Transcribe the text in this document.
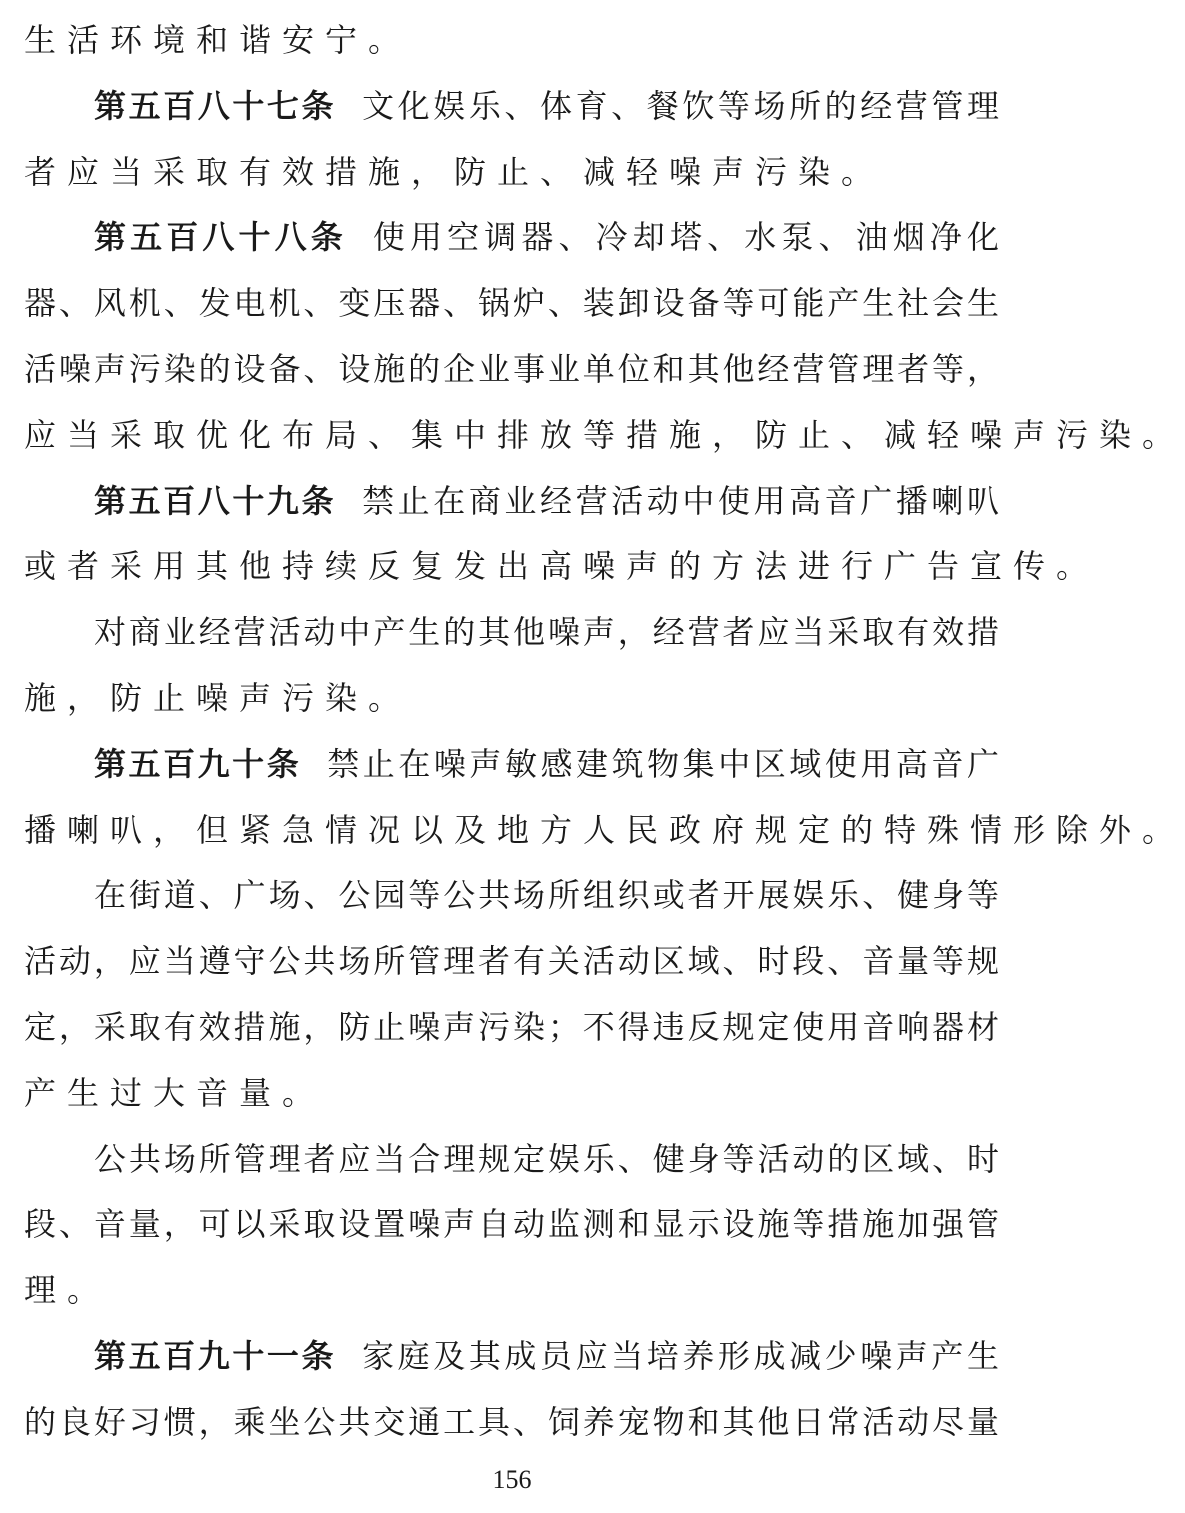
生活环境和谐安宁。
第五百八十七条 文化娱乐、体育、餐饮等场所的经营管理
者应当采取有效措施，防止、减轻噪声污染。
第五百八十八条 使用空调器、冷却塔、水泵、油烟净化
器、风机、发电机、变压器、锅炉、装卸设备等可能产生社会生
活噪声污染的设备、设施的企业事业单位和其他经营管理者等，
应当采取优化布局、集中排放等措施，防止、减轻噪声污染。
第五百八十九条 禁止在商业经营活动中使用高音广播喇叭
或者采用其他持续反复发出高噪声的方法进行广告宣传。
对商业经营活动中产生的其他噪声，经营者应当采取有效措
施，防止噪声污染。
第五百九十条 禁止在噪声敏感建筑物集中区域使用高音广
播喇叭，但紧急情况以及地方人民政府规定的特殊情形除外。
在街道、广场、公园等公共场所组织或者开展娱乐、健身等
活动，应当遵守公共场所管理者有关活动区域、时段、音量等规
定，采取有效措施，防止噪声污染；不得违反规定使用音响器材
产生过大音量。
公共场所管理者应当合理规定娱乐、健身等活动的区域、时
段、音量，可以采取设置噪声自动监测和显示设施等措施加强管
理。
第五百九十一条 家庭及其成员应当培养形成减少噪声产生
的良好习惯，乘坐公共交通工具、饲养宠物和其他日常活动尽量
156
